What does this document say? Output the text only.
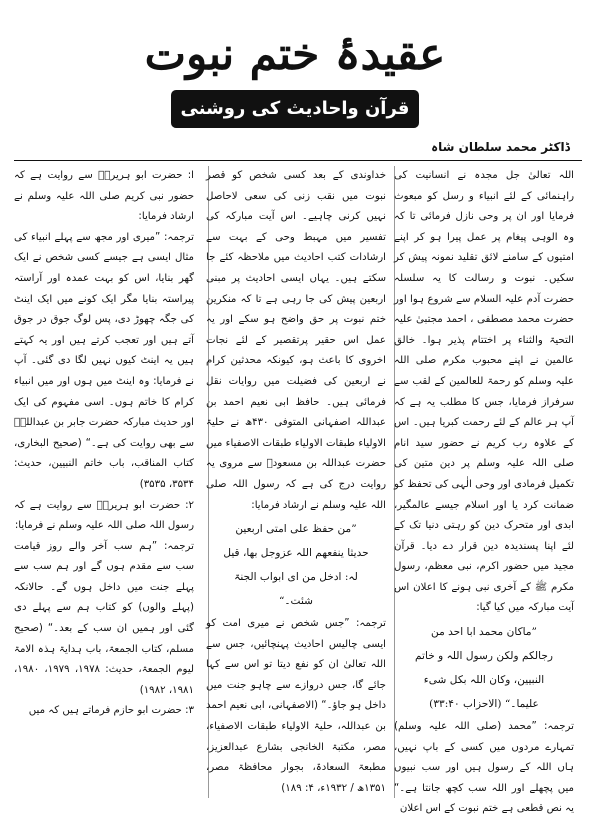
عقیدۂ ختم نبوت
قرآن واحادیث کی روشنی میں!	ڈاکٹر محمد سلطان شاہ

اللہ تعالیٰ جل مجدہ نے انسانیت کی راہنمائی کے لئے انبیاء و رسل کو مبعوث فرمایا اور ان پر وحی نازل فرمائی تا کہ وہ الوہی پیغام پر عمل پیرا ہو کر اپنے امتیوں کے سامنے لائق تقلید نمونہ پیش کر سکیں۔ نبوت و رسالت کا یہ سلسلہ حضرت آدم علیہ السلام سے شروع ہوا اور حضرت محمد مصطفی ، احمد مجتبیٰ علیہ التحیۃ والثناء پر اختتام پذیر ہوا۔ خالق عالمین نے اپنے محبوب مکرم صلی اللہ علیہ وسلم کو رحمۃ للعالمین کے لقب سے سرفراز فرمایا، جس کا مطلب یہ ہے کہ آپ ہر عالم کے لئے رحمت کبریا ہیں۔ اس کے علاوہ رب کریم نے حضور سید انام صلی اللہ علیہ وسلم پر دین متین کی تکمیل فرمادی اور وحی الٰہی کی تحفظ کو ضمانت کرد یا اور اسلام جیسے عالمگیر، ابدی اور متحرک دین کو رہتی دنیا تک کے لئے اپنا پسندیدہ دین قرار دے دیا۔ قرآن مجید میں حضور اکرم، نبی معظم، رسول مکرم ﷺ کے آخری نبی ہونے کا اعلان اس آیت مبارکہ میں کیا گیا:

”ماکان محمد ابا احد من
رجالکم ولکن رسول اللہ و خاتم
النبیین، وکان اللہ بکل شیء
علیما۔“ (الاحزاب ۳۳:۴۰)

ترجمہ: ”محمد (صلی اللہ علیہ وسلم) تمہارے مردوں میں کسی کے باپ نہیں، ہاں اللہ کے رسول ہیں اور سب نبیوں میں پچھلے اور اللہ سب کچھ جانتا ہے۔“ یہ نص قطعی ہے ختم نبوت کے اس اعلان

خداوندی کے بعد کسی شخص کو قصر نبوت میں نقب زنی کی سعی لاحاصل نہیں کرنی چاہیے۔ اس آیت مبارکہ کی تفسیر میں مہبط وحی کے بہت سے ارشادات کتب احادیث میں ملاحظہ کئے جا سکتے ہیں۔ یہاں ایسی احادیث پر مبنی اربعین پیش کی جا رہی ہے تا کہ منکرین ختم نبوت پر حق واضح ہو سکے اور یہ عمل اس حقیر پرتقصیر کے لئے نجات اخروی کا باعث ہو، کیونکہ محدثین کرام نے اربعین کی فضیلت میں روایات نقل فرمائی ہیں۔ حافظ ابی نعیم احمد بن عبداللہ اصفہانی المتوفی ۴۳۰ھ نے حلیۃ الاولیاء طبقات الاولیاء طبقات الاصفیاء میں حضرت عبداللہ بن مسعودؓ سے مروی یہ روایت درج کی ہے کہ رسول اللہ صلی اللہ علیہ وسلم نے ارشاد فرمایا:

”من حفظ علی امتی اربعین
حدیثا ینفعھم اللہ عزوجل بھا، قیل
لہ: ادخل من ای ابواب الجنۃ
شئت۔“

ترجمہ: ”جس شخص نے میری امت کو ایسی چالیس احادیث پہنچائیں، جس سے اللہ تعالیٰ ان کو نفع دیتا تو اس سے کہا جائے گا، جس دروازے سے چاہو جنت میں داخل ہو جاؤ۔“ (الاصفہانی، ابی نعیم احمد بن عبداللہ، حلیۃ الاولیاء طبقات الاصفیاء، مصر، مکتبۃ الخانجی بشارع عبدالعزیز، مطبعۃ السعادۃ، بجوار محافظۃ مصر، ۱۳۵۱ھ / ۱۹۳۲ء، ۴: ۱۸۹)

ا: حضرت ابو ہریرہؓ سے روایت ہے کہ حضور نبی کریم صلی اللہ علیہ وسلم نے ارشاد فرمایا:

ترجمہ: ”میری اور مجھ سے پہلے انبیاء کی مثال ایسی ہے جیسے کسی شخص نے ایک گھر بنایا، اس کو بہت عمدہ اور آراستہ پیراستہ بنایا مگر ایک کونے میں ایک اینٹ کی جگہ چھوڑ دی، پس لوگ جوق در جوق آتے ہیں اور تعجب کرتے ہیں اور یہ کہتے ہیں یہ اینٹ کیوں نہیں لگا دی گئی۔ آپ نے فرمایا: وہ اینٹ میں ہوں اور میں انبیاء کرام کا خاتم ہوں۔ اسی مفہوم کی ایک اور حدیث مبارکہ حضرت جابر بن عبداللہؓ سے بھی روایت کی ہے۔“ (صحیح البخاری، کتاب المناقب، باب خاتم النبیین، حدیث: ۳۵۳۴، ۳۵۳۵)

۲: حضرت ابو ہریرہؓ سے روایت ہے کہ رسول اللہ صلی اللہ علیہ وسلم نے فرمایا:

ترجمہ: ”ہم سب آخر والے روز قیامت سب سے مقدم ہوں گے اور ہم سب سے پہلے جنت میں داخل ہوں گے۔ حالانکہ (پہلے والوں) کو کتاب ہم سے پہلے دی گئی اور ہمیں ان سب کے بعد۔“ (صحیح مسلم، کتاب الجمعۃ، باب ہدایۃ ہذہ الامۃ لیوم الجمعۃ، حدیث: ۱۹۷۸، ۱۹۷۹، ۱۹۸۰، ۱۹۸۱، ۱۹۸۲)

۳: حضرت ابو حازم فرماتے ہیں کہ میں
